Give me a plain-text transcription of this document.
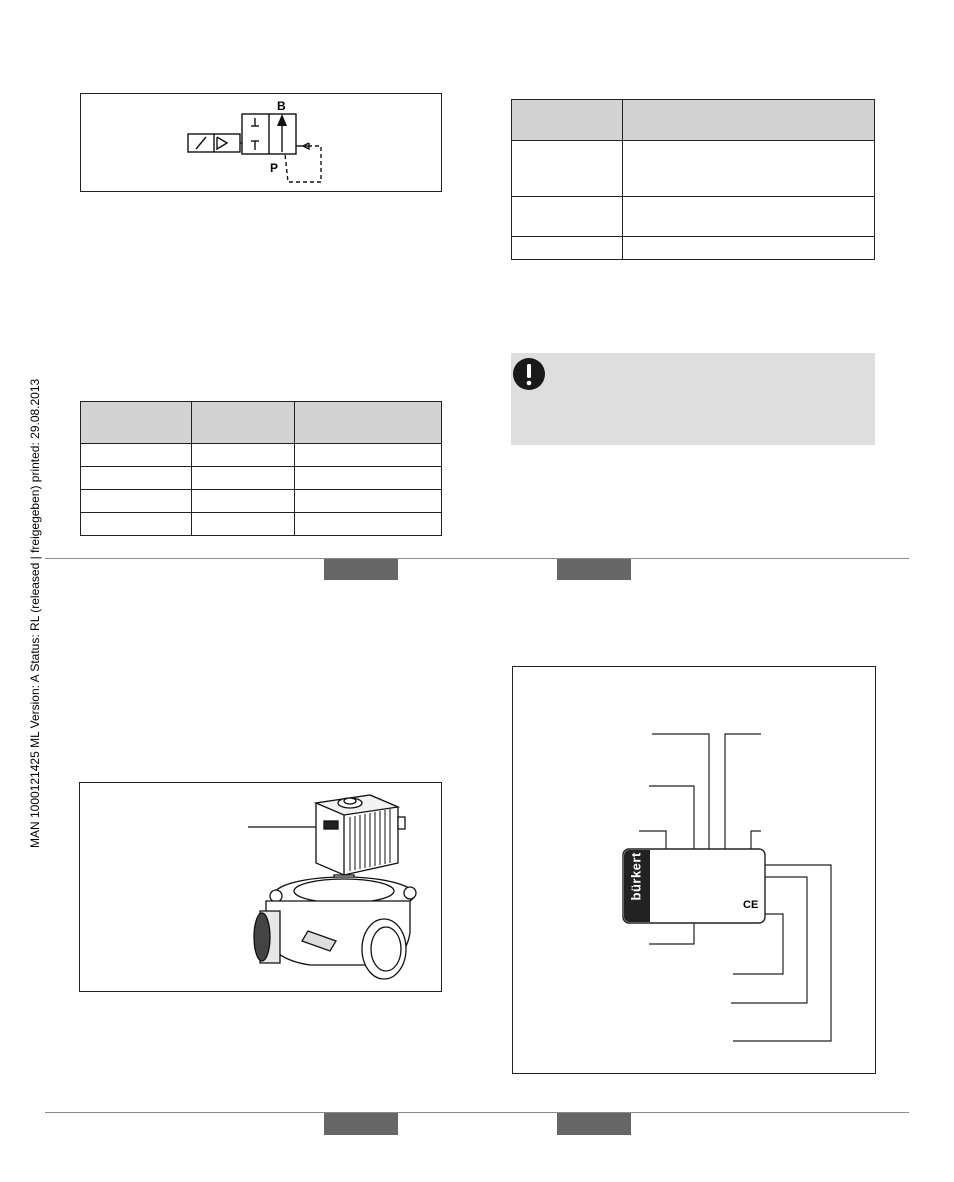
MAN 1000121425 ML Version: A Status: RL (released | freigegeben) printed: 29.08.2013
B
P

bürkert
CE
